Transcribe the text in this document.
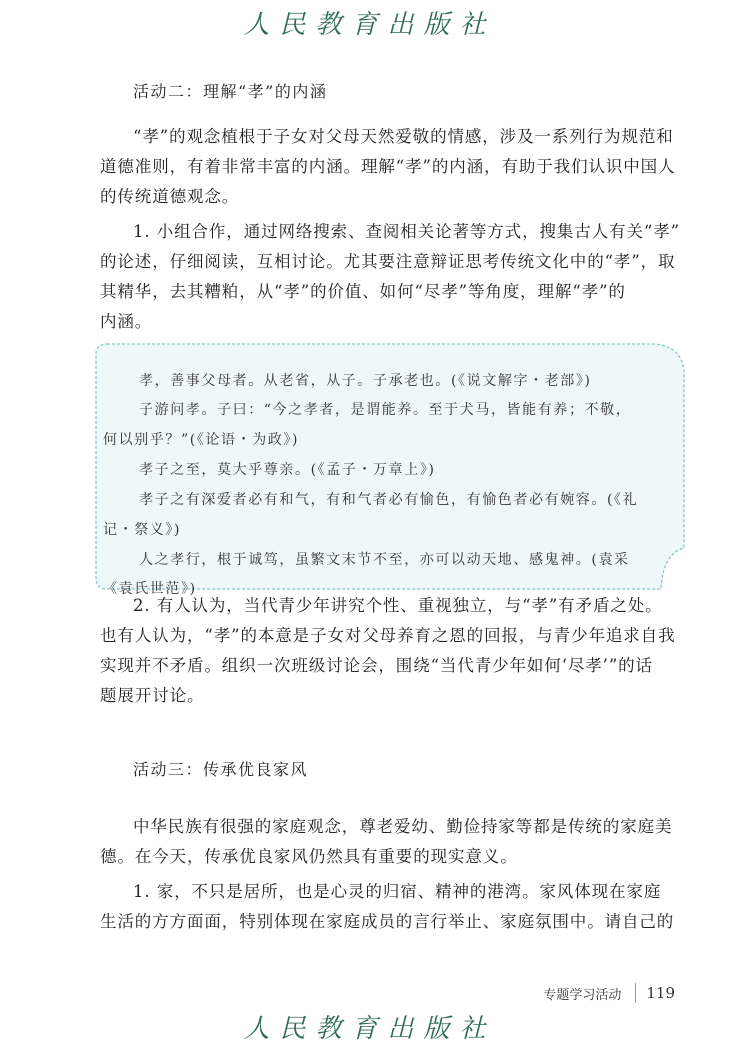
人民教育出版社
活动二：理解“孝”的内涵
“孝”的观念植根于子女对父母天然爱敬的情感，涉及一系列行为规范和
道德准则，有着非常丰富的内涵。理解“孝”的内涵，有助于我们认识中国人
的传统道德观念。
1. 小组合作，通过网络搜索、查阅相关论著等方式，搜集古人有关“孝”
的论述，仔细阅读，互相讨论。尤其要注意辩证思考传统文化中的“孝”，取
其精华，去其糟粕，从“孝”的价值、如何“尽孝”等角度，理解“孝”的
内涵。
2. 有人认为，当代青少年讲究个性、重视独立，与“孝”有矛盾之处。
也有人认为，“孝”的本意是子女对父母养育之恩的回报，与青少年追求自我
实现并不矛盾。组织一次班级讨论会，围绕“当代青少年如何‘尽孝’”的话
题展开讨论。
活动三：传承优良家风
中华民族有很强的家庭观念，尊老爱幼、勤俭持家等都是传统的家庭美
德。在今天，传承优良家风仍然具有重要的现实意义。
1. 家，不只是居所，也是心灵的归宿、精神的港湾。家风体现在家庭
生活的方方面面，特别体现在家庭成员的言行举止、家庭氛围中。请自己的
孝，善事父母者。从老省，从子。子承老也。(《说文解字・老部》)
子游问孝。子曰：“今之孝者，是谓能养。至于犬马，皆能有养；不敬，
何以别乎？”(《论语・为政》)
孝子之至，莫大乎尊亲。(《孟子・万章上》)
孝子之有深爱者必有和气，有和气者必有愉色，有愉色者必有婉容。(《礼
记・祭义》)
人之孝行，根于诚笃，虽繁文末节不至，亦可以动天地、感鬼神。(袁采
《袁氏世范》)
专题学习活动 119
人民教育出版社
